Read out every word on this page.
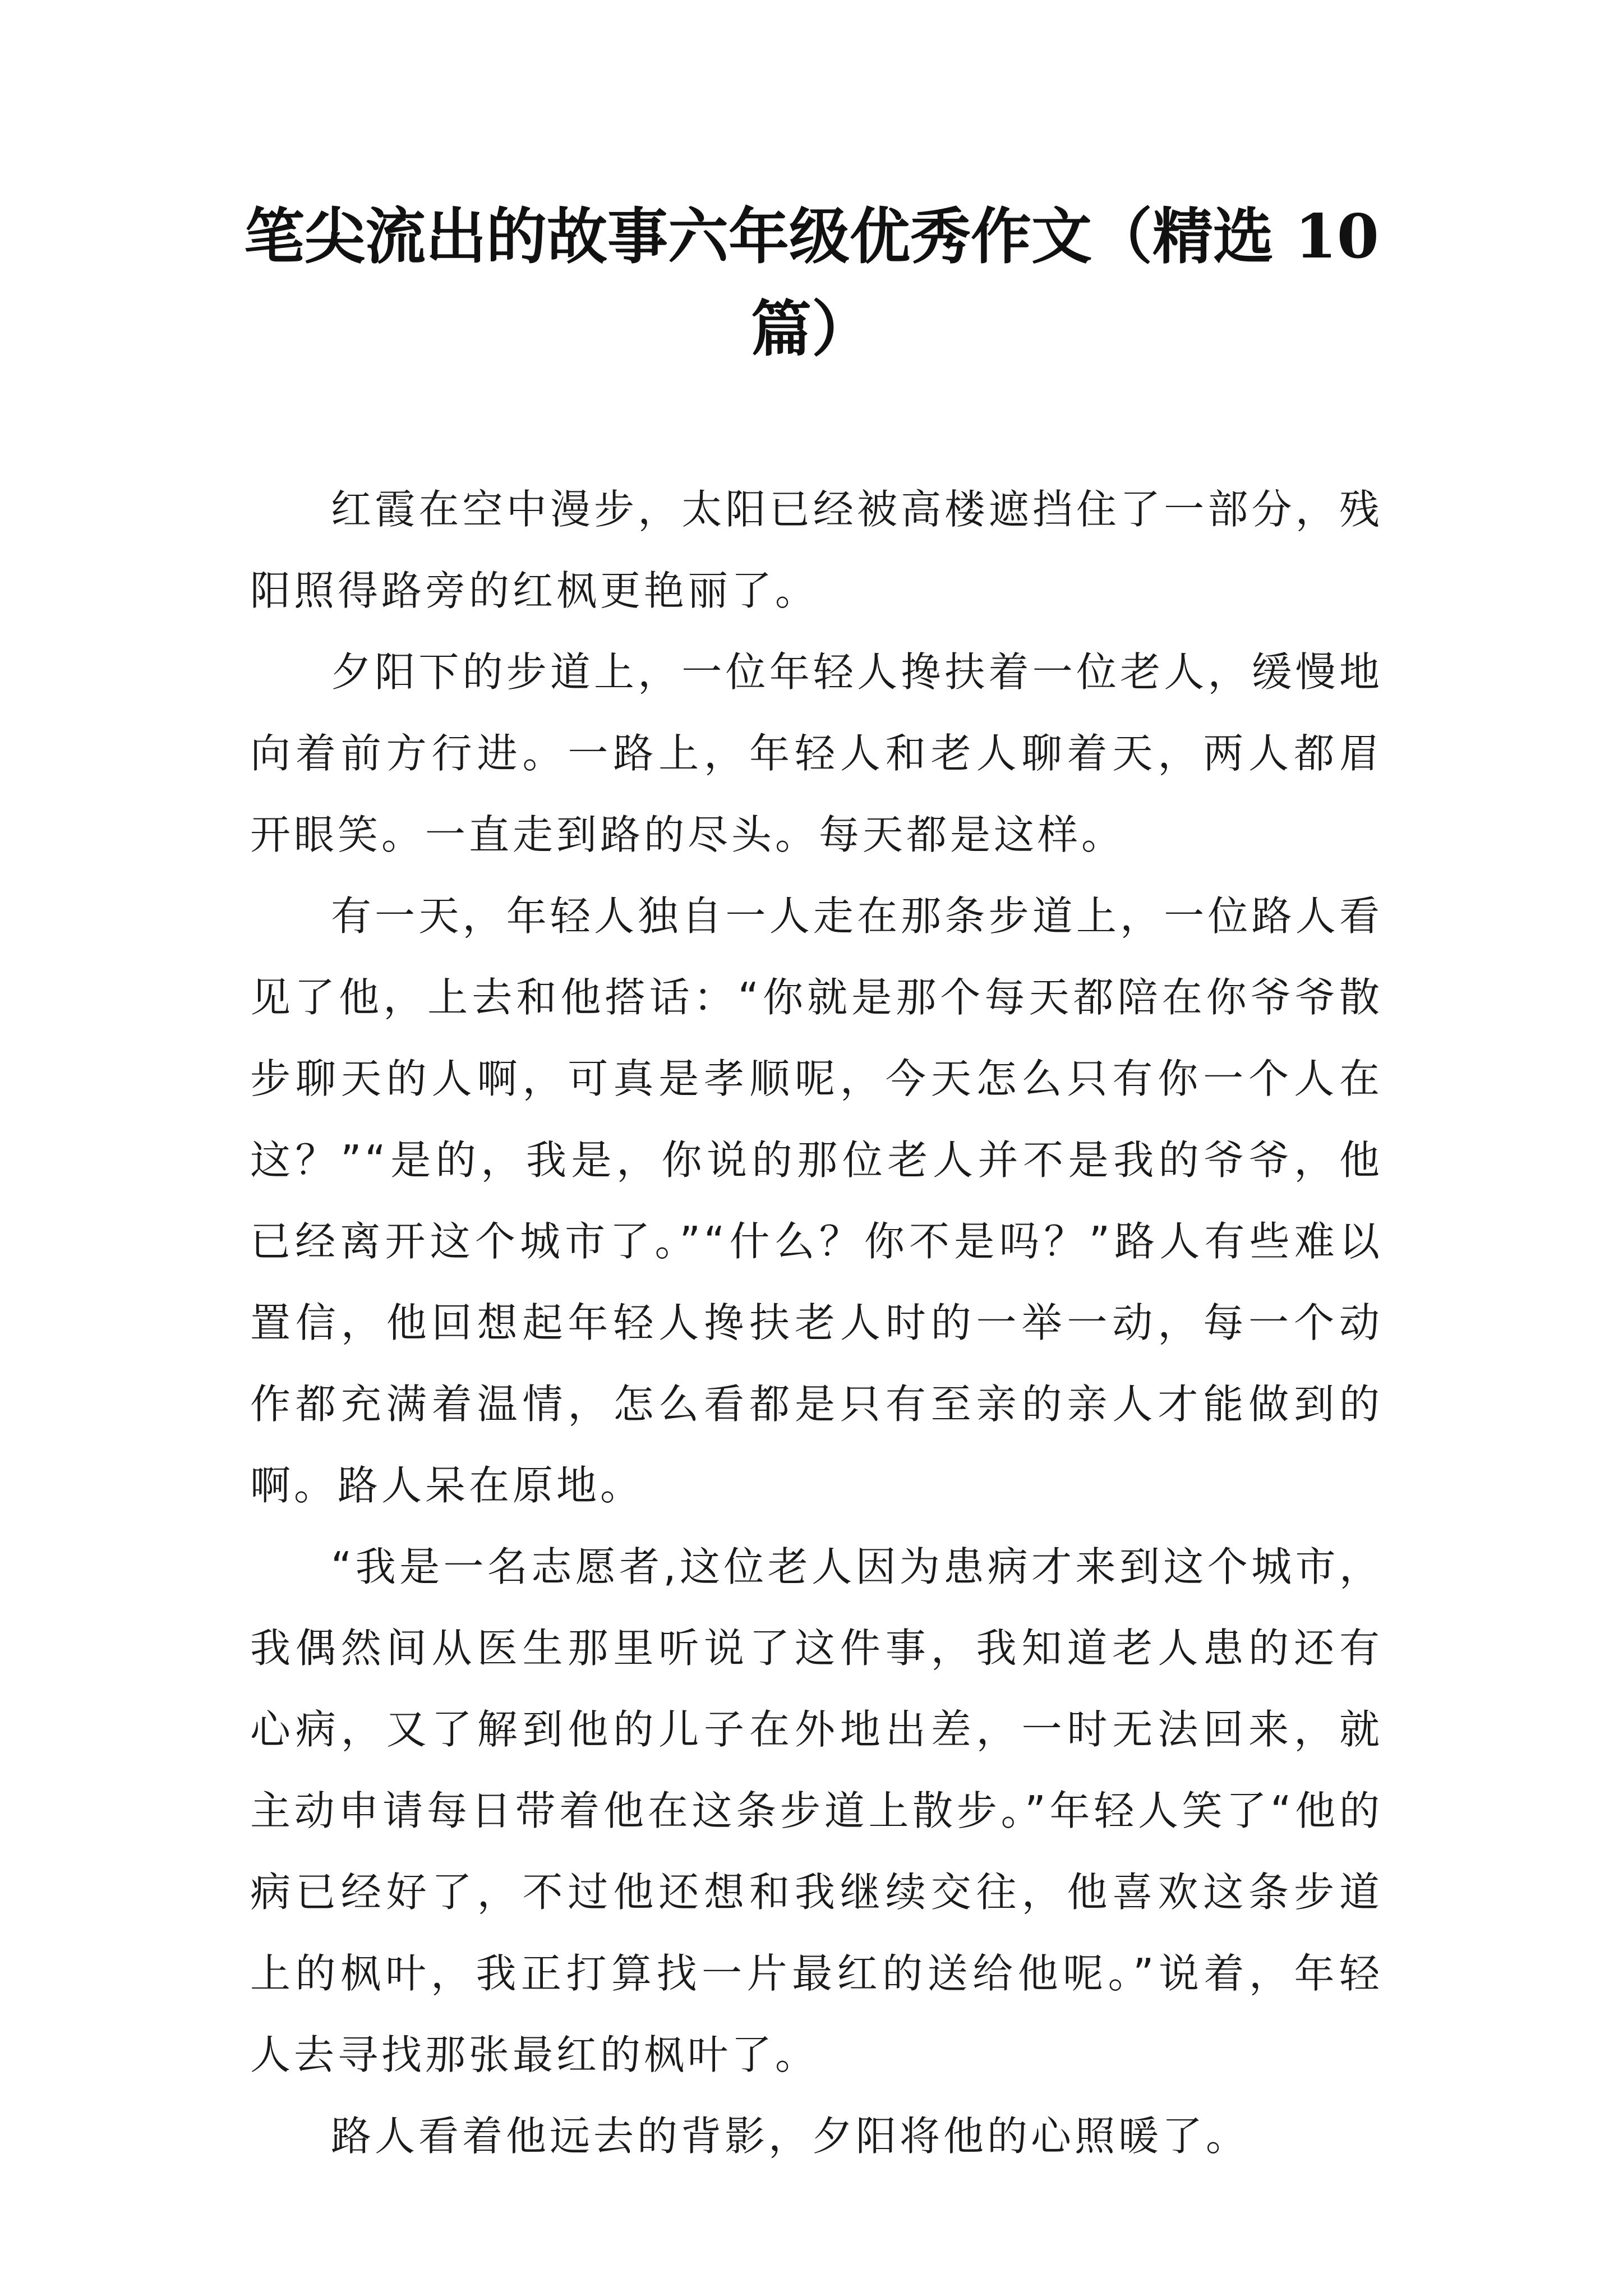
笔尖流出的故事六年级优秀作文（精选 10
篇）

红霞在空中漫步，太阳已经被高楼遮挡住了一部分，残阳照得路旁的红枫更艳丽了。

夕阳下的步道上，一位年轻人搀扶着一位老人，缓慢地向着前方行进。一路上，年轻人和老人聊着天，两人都眉开眼笑。一直走到路的尽头。每天都是这样。

有一天，年轻人独自一人走在那条步道上，一位路人看见了他，上去和他搭话：“你就是那个每天都陪在你爷爷散步聊天的人啊，可真是孝顺呢，今天怎么只有你一个人在这？”“是的，我是，你说的那位老人并不是我的爷爷，他已经离开这个城市了。”“什么？你不是吗？”路人有些难以置信，他回想起年轻人搀扶老人时的一举一动，每一个动作都充满着温情，怎么看都是只有至亲的亲人才能做到的啊。路人呆在原地。

“我是一名志愿者,这位老人因为患病才来到这个城市，我偶然间从医生那里听说了这件事，我知道老人患的还有心病，又了解到他的儿子在外地出差，一时无法回来，就主动申请每日带着他在这条步道上散步。”年轻人笑了“他的病已经好了，不过他还想和我继续交往，他喜欢这条步道上的枫叶，我正打算找一片最红的送给他呢。”说着，年轻人去寻找那张最红的枫叶了。

路人看着他远去的背影，夕阳将他的心照暖了。
